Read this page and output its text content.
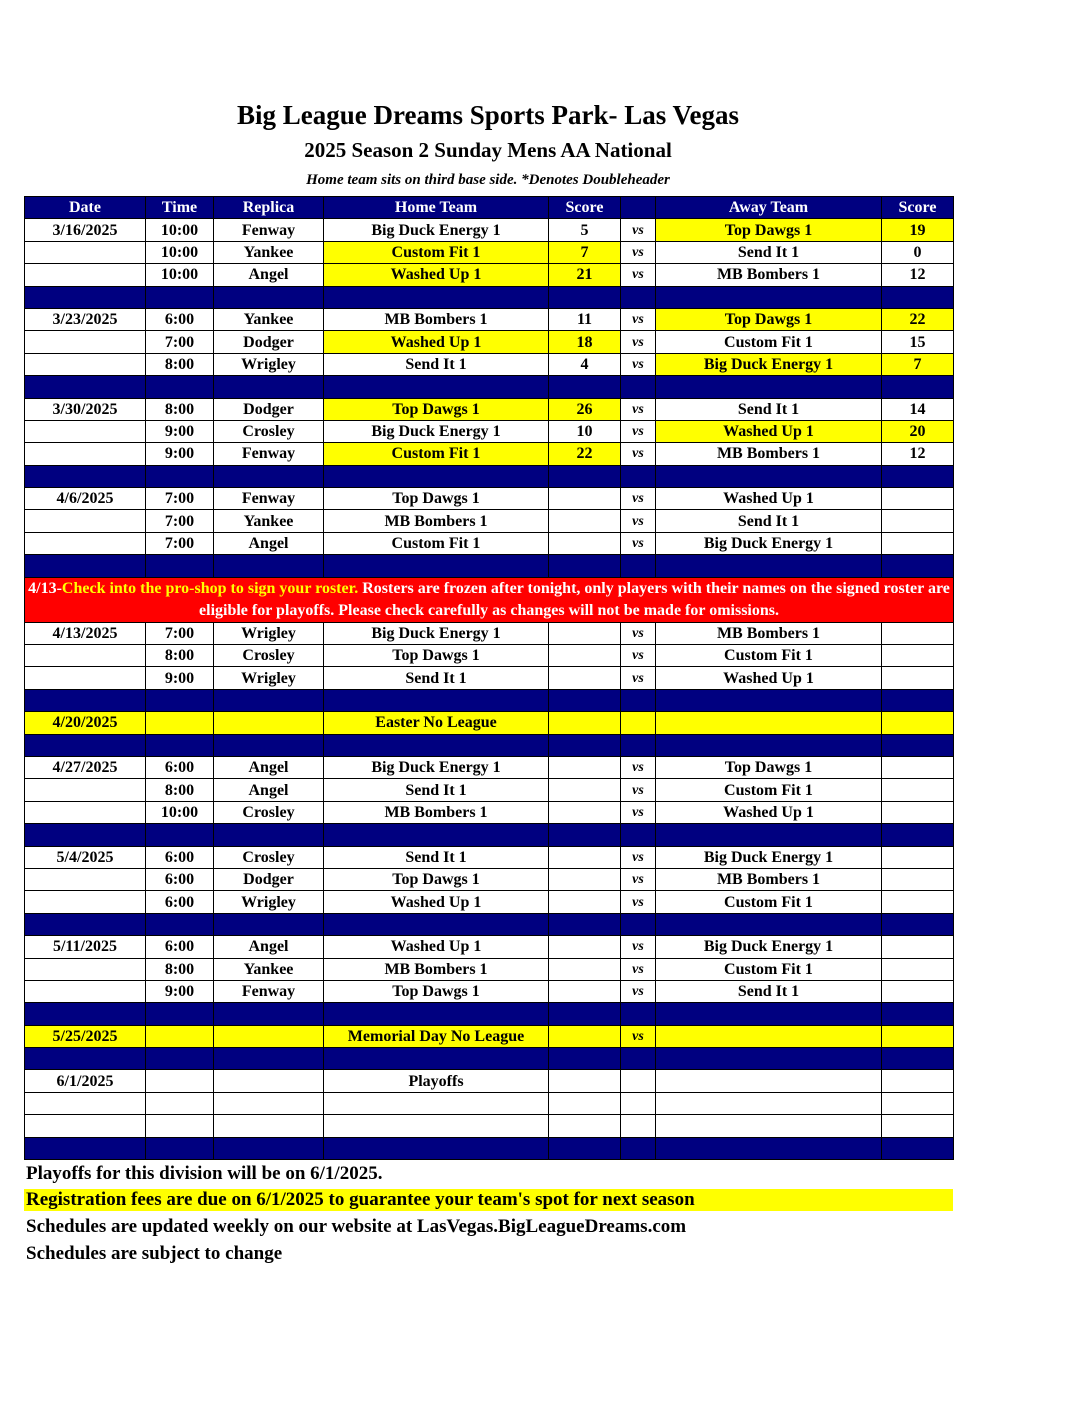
Big League Dreams Sports Park- Las Vegas
2025 Season 2 Sunday Mens AA National
Home team sits on third base side. *Denotes Doubleheader
Date	Time	Replica	Home Team	Score		Away Team	Score
3/16/2025	10:00	Fenway	Big Duck Energy 1	5	vs	Top Dawgs 1	19
	10:00	Yankee	Custom Fit 1	7	vs	Send It 1	0
	10:00	Angel	Washed Up 1	21	vs	MB Bombers 1	12

3/23/2025	6:00	Yankee	MB Bombers 1	11	vs	Top Dawgs 1	22
	7:00	Dodger	Washed Up 1	18	vs	Custom Fit 1	15
	8:00	Wrigley	Send It 1	4	vs	Big Duck Energy 1	7

3/30/2025	8:00	Dodger	Top Dawgs 1	26	vs	Send It 1	14
	9:00	Crosley	Big Duck Energy 1	10	vs	Washed Up 1	20
	9:00	Fenway	Custom Fit 1	22	vs	MB Bombers 1	12

4/6/2025	7:00	Fenway	Top Dawgs 1		vs	Washed Up 1	
	7:00	Yankee	MB Bombers 1		vs	Send It 1	
	7:00	Angel	Custom Fit 1		vs	Big Duck Energy 1	

4/13-Check into the pro-shop to sign your roster. Rosters are frozen after tonight, only players with their names on the signed roster are eligible for playoffs. Please check carefully as changes will not be made for omissions.							
4/13/2025	7:00	Wrigley	Big Duck Energy 1		vs	MB Bombers 1	
	8:00	Crosley	Top Dawgs 1		vs	Custom Fit 1	
	9:00	Wrigley	Send It 1		vs	Washed Up 1	

4/20/2025			Easter No League				

4/27/2025	6:00	Angel	Big Duck Energy 1		vs	Top Dawgs 1	
	8:00	Angel	Send It 1		vs	Custom Fit 1	
	10:00	Crosley	MB Bombers 1		vs	Washed Up 1	

5/4/2025	6:00	Crosley	Send It 1		vs	Big Duck Energy 1	
	6:00	Dodger	Top Dawgs 1		vs	MB Bombers 1	
	6:00	Wrigley	Washed Up 1		vs	Custom Fit 1	

5/11/2025	6:00	Angel	Washed Up 1		vs	Big Duck Energy 1	
	8:00	Yankee	MB Bombers 1		vs	Custom Fit 1	
	9:00	Fenway	Top Dawgs 1		vs	Send It 1	

5/25/2025			Memorial Day No League		vs		

6/1/2025			Playoffs				

Playoffs for this division will be on 6/1/2025.
Registration fees are due on 6/1/2025 to guarantee your team's spot for next season
Schedules are updated weekly on our website at LasVegas.BigLeagueDreams.com
Schedules are subject to change
